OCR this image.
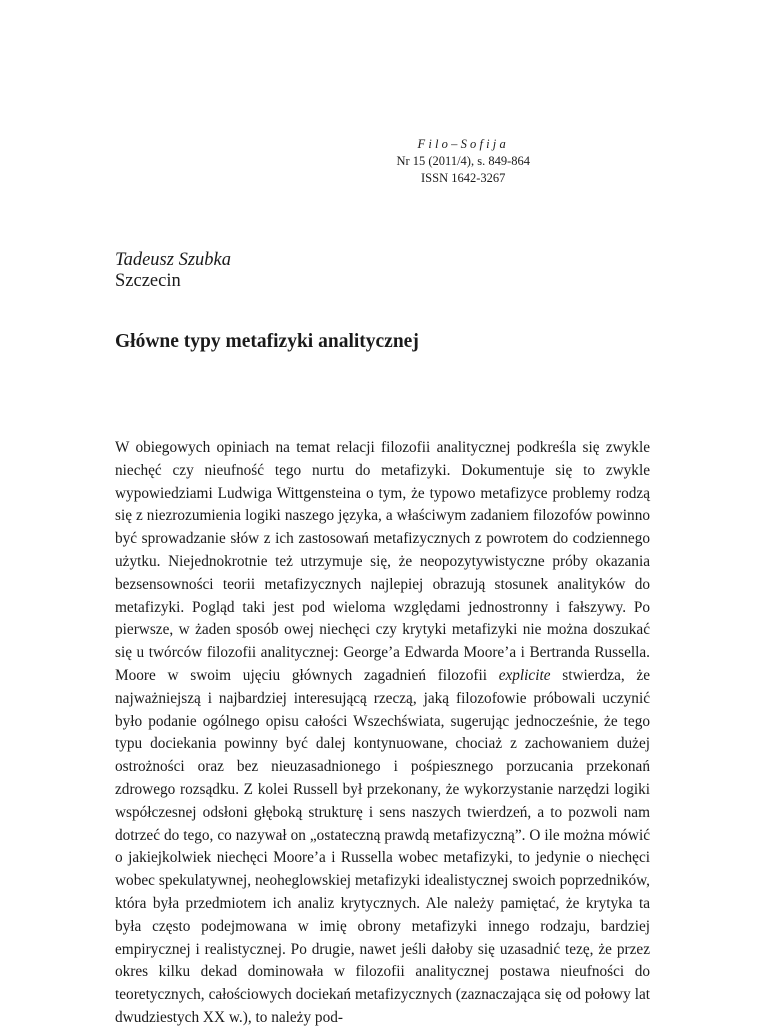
Filo–Sofija
Nr 15 (2011/4), s. 849-864
ISSN 1642-3267
Tadeusz Szubka
Szczecin
Główne typy metafizyki analitycznej

W obiegowych opiniach na temat relacji filozofii analitycznej podkreśla się zwykle niechęć czy nieufność tego nurtu do metafizyki. Dokumentuje się to zwykle wypowiedziami Ludwiga Wittgensteina o tym, że typowo metafizyce problemy rodzą się z niezrozumienia logiki naszego języka, a właściwym zadaniem filozofów powinno być sprowadzanie słów z ich zastosowań metafizycznych z powrotem do codziennego użytku. Niejednokrotnie też utrzymuje się, że neopozytywistyczne próby okazania bezsensowności teorii metafizycznych najlepiej obrazują stosunek analityków do metafizyki. Pogląd taki jest pod wieloma względami jednostronny i fałszywy. Po pierwsze, w żaden sposób owej niechęci czy krytyki metafizyki nie można doszukać się u twórców filozofii analitycznej: George’a Edwarda Moore’a i Bertranda Russella. Moore w swoim ujęciu głównych zagadnień filozofii explicite stwierdza, że najważniejszą i najbardziej interesującą rzeczą, jaką filozofowie próbowali uczynić było podanie ogólnego opisu całości Wszechświata, sugerując jednocześnie, że tego typu dociekania powinny być dalej kontynuowane, chociaż z zachowaniem dużej ostrożności oraz bez nieuzasadnionego i pośpiesznego porzucania przekonań zdrowego rozsądku. Z kolei Russell był przekonany, że wykorzystanie narzędzi logiki współczesnej odsłoni głęboką strukturę i sens naszych twierdzeń, a to pozwoli nam dotrzeć do tego, co nazywał on „ostateczną prawdą metafizyczną”. O ile można mówić o jakiejkolwiek niechęci Moore’a i Russella wobec metafizyki, to jedynie o niechęci wobec spekulatywnej, neoheglowskiej metafizyki idealistycznej swoich poprzedników, która była przedmiotem ich analiz krytycznych. Ale należy pamiętać, że krytyka ta była często podejmowana w imię obrony metafizyki innego rodzaju, bardziej empirycznej i realistycznej. Po drugie, nawet jeśli dałoby się uzasadnić tezę, że przez okres kilku dekad dominowała w filozofii analitycznej postawa nieufności do teoretycznych, całościowych dociekań metafizycznych (zaznaczająca się od połowy lat dwudziestych XX w.), to należy pod-
